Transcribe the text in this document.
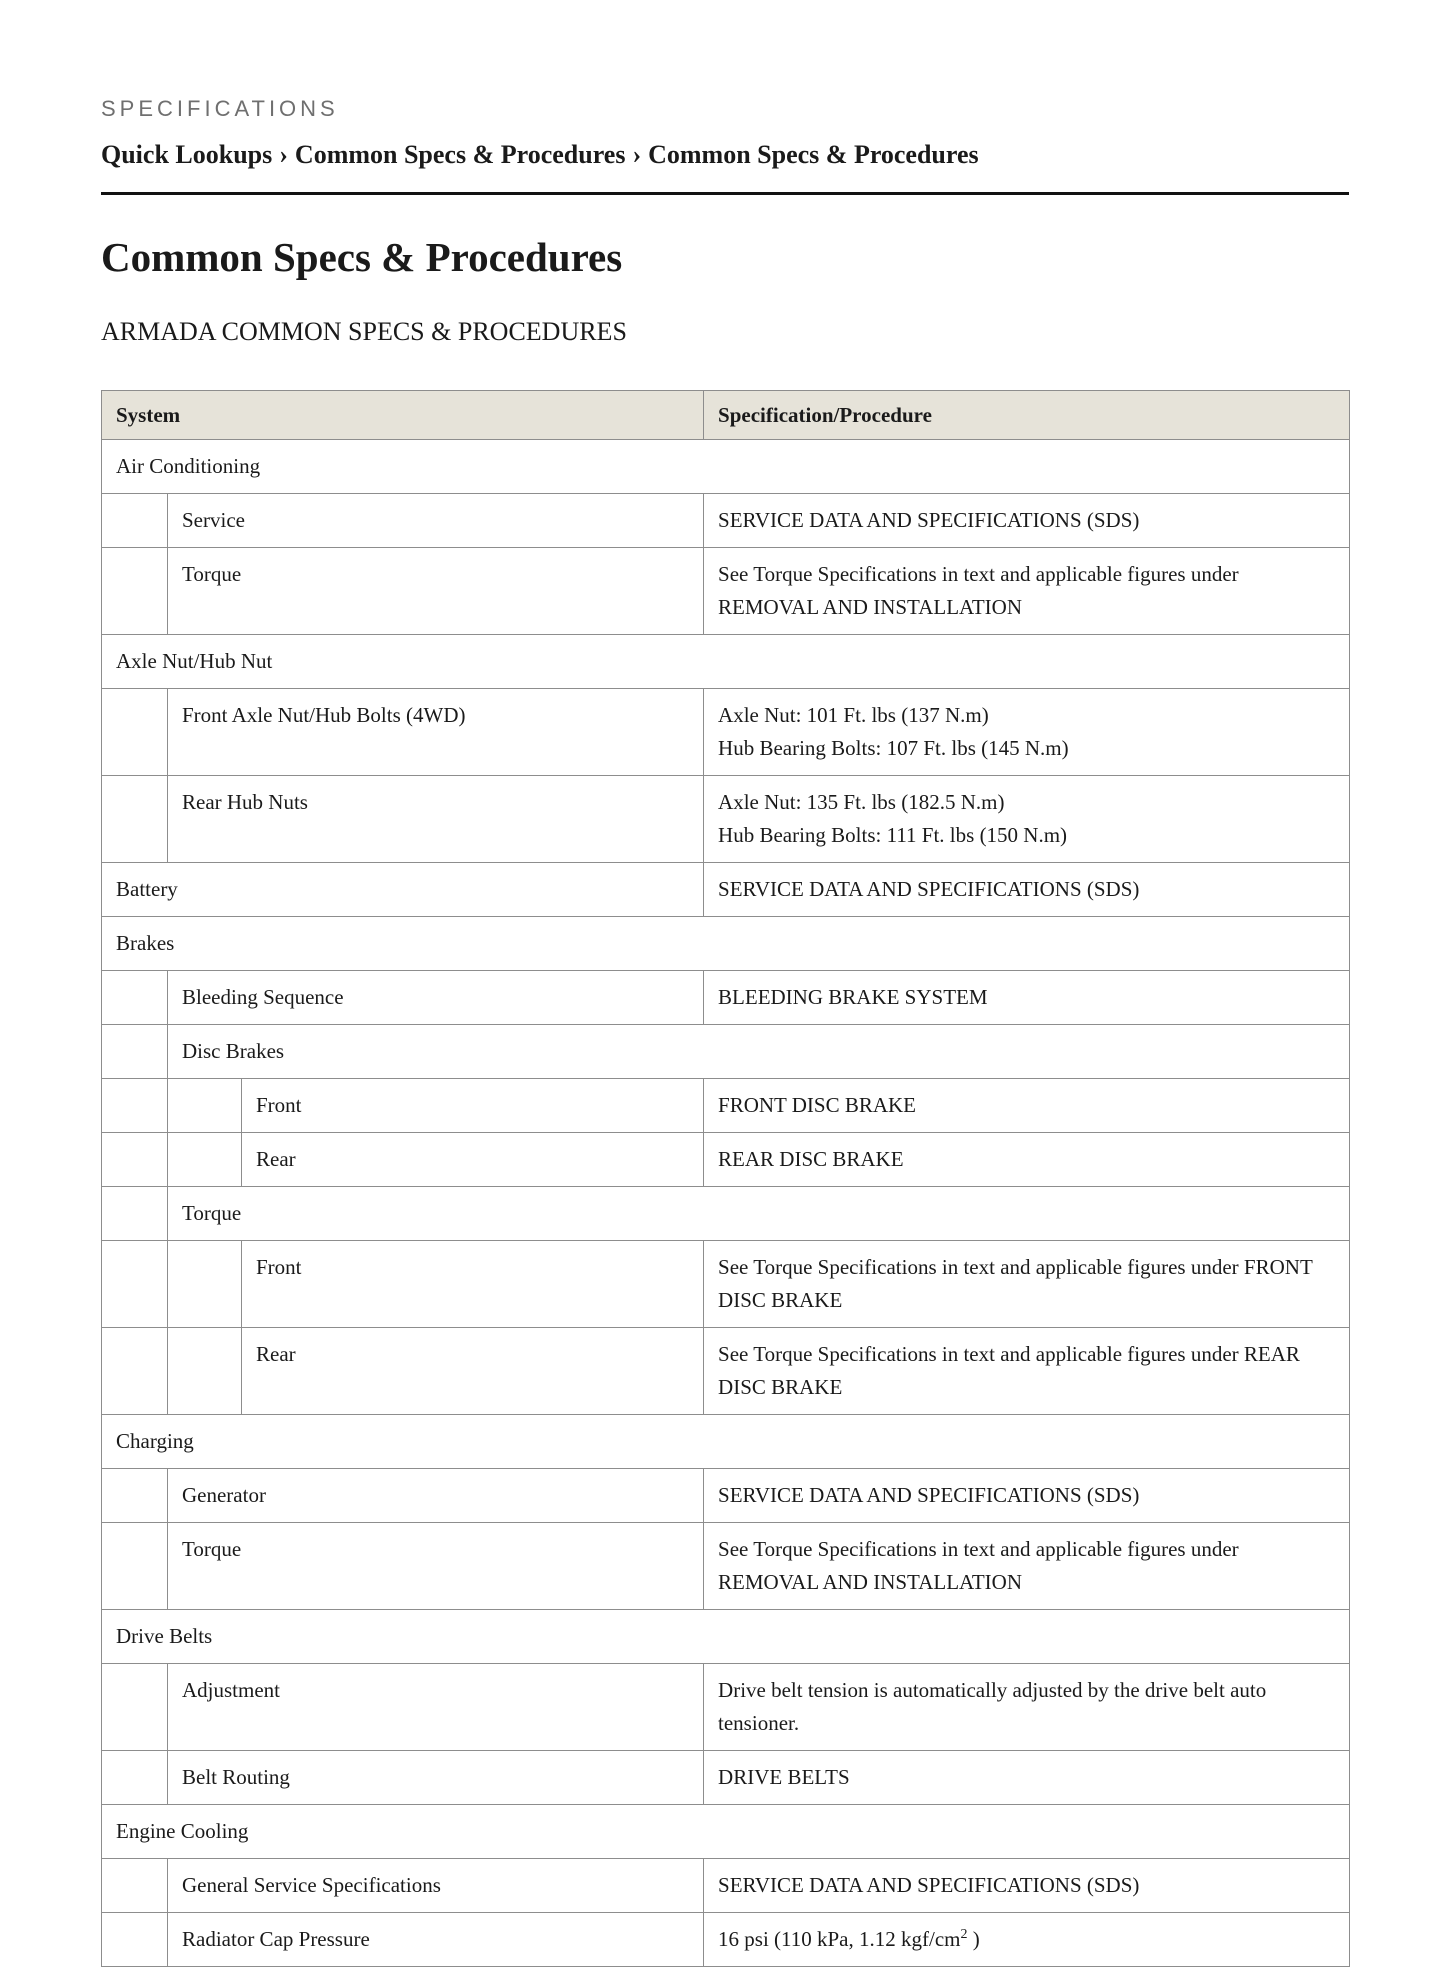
SPECIFICATIONS

Quick Lookups › Common Specs & Procedures › Common Specs & Procedures
Common Specs & Procedures
ARMADA COMMON SPECS & PROCEDURES
System			Specification/Procedure
Air Conditioning			
	Service		SERVICE DATA AND SPECIFICATIONS (SDS)
	Torque		See Torque Specifications in text and applicable figures under REMOVAL AND INSTALLATION
Axle Nut/Hub Nut			
	Front Axle Nut/Hub Bolts (4WD)		Axle Nut: 101 Ft. lbs (137 N.m)
Hub Bearing Bolts: 107 Ft. lbs (145 N.m)
	Rear Hub Nuts		Axle Nut: 135 Ft. lbs (182.5 N.m)
Hub Bearing Bolts: 111 Ft. lbs (150 N.m)
Battery			SERVICE DATA AND SPECIFICATIONS (SDS)
Brakes			
	Bleeding Sequence		BLEEDING BRAKE SYSTEM
	Disc Brakes		
		Front	FRONT DISC BRAKE
		Rear	REAR DISC BRAKE
	Torque		
		Front	See Torque Specifications in text and applicable figures under FRONT DISC BRAKE
		Rear	See Torque Specifications in text and applicable figures under REAR DISC BRAKE
Charging			
	Generator		SERVICE DATA AND SPECIFICATIONS (SDS)
	Torque		See Torque Specifications in text and applicable figures under REMOVAL AND INSTALLATION
Drive Belts			
	Adjustment		Drive belt tension is automatically adjusted by the drive belt auto tensioner.
	Belt Routing		DRIVE BELTS
Engine Cooling			
	General Service Specifications		SERVICE DATA AND SPECIFICATIONS (SDS)
	Radiator Cap Pressure		16 psi (110 kPa, 1.12 kgf/$cm^2$ )
